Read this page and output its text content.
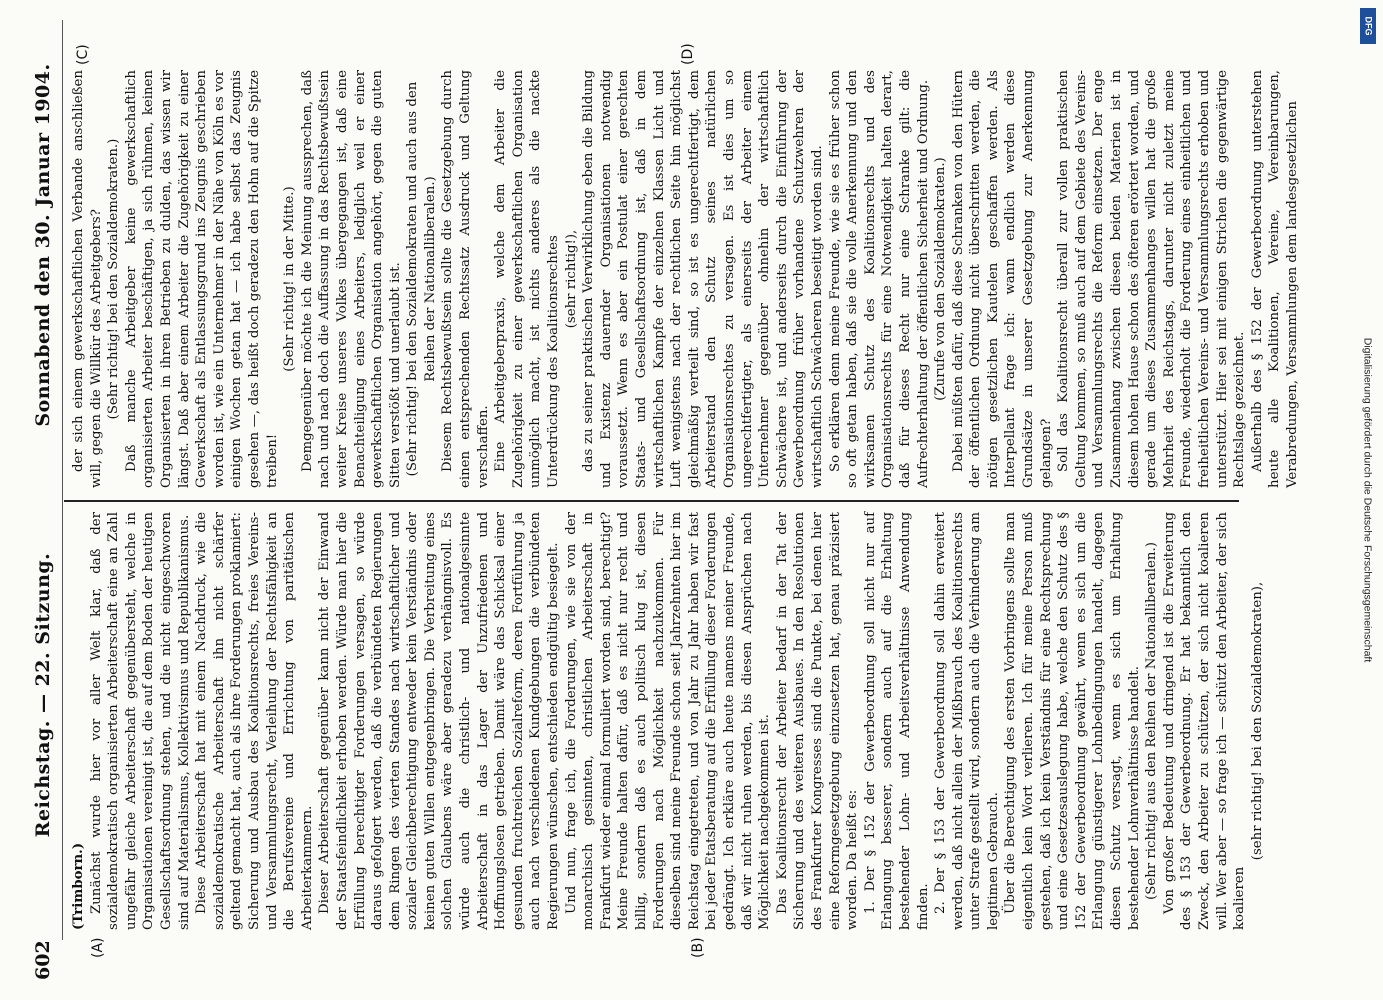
602
Reichstag. — 22. Sitzung.
Sonnabend den 30. Januar 1904.
(A)	(B)
(C)	(D)

(Trimborn.) Zunächst wurde hier vor aller Welt klar, daß der sozialdemokratisch organisierten Arbeiterschaft eine an Zahl ungefähr gleiche Arbeiterschaft gegenübersteht, welche in Organisationen vereinigt ist, die auf dem Boden der heutigen Gesellschaftsordnung stehen, und die nicht eingeschworen sind auf Materialismus, Kollektivismus und Republikanismus. Diese Arbeiterschaft hat mit einem Nachdruck, wie die sozialdemokratische Arbeiterschaft ihn nicht schärfer geltend gemacht hat, auch als ihre Forderungen proklamiert: Sicherung und Ausbau des Koalitionsrechts, freies Vereins- und Versammlungsrecht, Verleihung der Rechtsfähigkeit an die Berufsvereine und Errichtung von paritätischen Arbeiterkammern. Dieser Arbeiterschaft gegenüber kann nicht der Einwand der Staatsfeindlichkeit erhoben werden. Würde man hier die Erfüllung berechtigter Forderungen versagen, so würde daraus gefolgert werden, daß die verbündeten Regierungen dem Ringen des vierten Standes nach wirtschaftlicher und sozialer Gleichberechtigung entweder kein Verständnis oder keinen guten Willen entgegenbringen. Die Verbreitung eines solchen Glaubens wäre aber geradezu verhängnisvoll. Es würde auch die christlich- und nationalgesinnte Arbeiterschaft in das Lager der Unzufriedenen und Hoffnungslosen getrieben. Damit wäre das Schicksal einer gesunden fruchtreichen Sozialreform, deren Fortführung ja auch nach verschiedenen Kundgebungen die verbündeten Regierungen wünschen, entschieden endgültig besiegelt. Und nun, frage ich, die Forderungen, wie sie von der monarchisch gesinnten, christlichen Arbeiterschaft in Frankfurt wieder einmal formuliert worden sind, berechtigt? Meine Freunde halten dafür, daß es nicht nur recht und billig, sondern daß es auch politisch klug ist, diesen Forderungen nach Möglichkeit nachzukommen. Für dieselben sind meine Freunde schon seit Jahrzehnten hier im Reichstag eingetreten, und von Jahr zu Jahr haben wir fast bei jeder Etatsberatung auf die Erfüllung dieser Forderungen gedrängt. Ich erkläre auch heute namens meiner Freunde, daß wir nicht ruhen werden, bis diesen Ansprüchen nach Möglichkeit nachgekommen ist. Das Koalitionsrecht der Arbeiter bedarf in der Tat der Sicherung und des weiteren Ausbaues. In den Resolutionen des Frankfurter Kongresses sind die Punkte, bei denen hier eine Reformgesetzgebung einzusetzen hat, genau präzisiert worden. Da heißt es: 1. Der § 152 der Gewerbeordnung soll nicht nur auf Erlangung besserer, sondern auch auf die Erhaltung bestehender Lohn- und Arbeitsverhältnisse Anwendung finden. 2. Der § 153 der Gewerbeordnung soll dahin erweitert werden, daß nicht allein der Mißbrauch des Koalitionsrechts unter Strafe gestellt wird, sondern auch die Verhinderung am legitimen Gebrauch. Über die Berechtigung des ersten Vorbringens sollte man eigentlich kein Wort verlieren. Ich für meine Person muß gestehen, daß ich kein Verständnis für eine Rechtsprechung und eine Gesetzesauslegung habe, welche den Schutz des § 152 der Gewerbeordnung gewährt, wenn es sich um die Erlangung günstigerer Lohnbedingungen handelt, dagegen diesen Schutz versagt, wenn es sich um Erhaltung bestehender Lohnverhältnisse handelt. (Sehr richtig! aus den Reihen der Nationalliberalen.) Von großer Bedeutung und dringend ist die Erweiterung des § 153 der Gewerbeordnung. Er hat bekanntlich den Zweck, den Arbeiter zu schützen, der sich nicht koalieren will. Wer aber — so frage ich — schützt den Arbeiter, der sich koalieren

(sehr richtig! bei den Sozialdemokraten),

der sich einem gewerkschaftlichen Verbande anschließen will, gegen die Willkür des Arbeitgebers? (Sehr richtig! bei den Sozialdemokraten.) Daß manche Arbeitgeber keine gewerkschaftlich organisierten Arbeiter beschäftigen, ja sich rühmen, keinen Organisierten in ihren Betrieben zu dulden, das wissen wir längst. Daß aber einem Arbeiter die Zugehörigkeit zu einer Gewerkschaft als Entlassungsgrund ins Zeugnis geschrieben worden ist, wie ein Unternehmer in der Nähe von Köln es vor einigen Wochen getan hat — ich habe selbst das Zeugnis gesehen —, das heißt doch geradezu den Hohn auf die Spitze treiben!

(Sehr richtig! in der Mitte.) Demgegenüber möchte ich die Meinung aussprechen, daß nach und nach doch die Auffassung in das Rechtsbewußtsein weiter Kreise unseres Volkes übergegangen ist, daß eine Benachteiligung eines Arbeiters, lediglich weil er einer gewerkschaftlichen Organisation angehört, gegen die guten Sitten verstößt und unerlaubt ist. (Sehr richtig! bei den Sozialdemokraten und auch aus den Reihen der Nationalliberalen.) Diesem Rechtsbewußtsein sollte die Gesetzgebung durch einen entsprechenden Rechtssatz Ausdruck und Geltung verschaffen. Eine Arbeitgeberpraxis, welche dem Arbeiter die Zugehörigkeit zu einer gewerkschaftlichen Organisation unmöglich macht, ist nichts anderes als die nackte Unterdrückung des Koalitionsrechtes (sehr richtig!), das zu seiner praktischen Verwirklichung eben die Bildung und Existenz dauernder Organisationen notwendig voraussetzt. Wenn es aber ein Postulat einer gerechten Staats- und Gesellschaftsordnung ist, daß in dem wirtschaftlichen Kampfe der einzelnen Klassen Licht und Luft wenigstens nach der rechtlichen Seite hin möglichst gleichmäßig verteilt sind, so ist es ungerechtfertigt, dem Arbeiterstand den Schutz seines natürlichen Organisationsrechtes zu versagen. Es ist dies um so ungerechtfertigter, als einerseits der Arbeiter einem Unternehmer gegenüber ohnehin der wirtschaftlich Schwächere ist, und anderseits durch die Einführung der Gewerbeordnung früher vorhandene Schutzwehren der wirtschaftlich Schwächeren beseitigt worden sind. So erklären denn meine Freunde, wie sie es früher schon so oft getan haben, daß sie die volle Anerkennung und den wirksamen Schutz des Koalitionsrechts und des Organisationsrechts für eine Notwendigkeit halten derart, daß für dieses Recht nur eine Schranke gilt: die Aufrechterhaltung der öffentlichen Sicherheit und Ordnung. (Zurufe von den Sozialdemokraten.) Dabei müßten dafür, daß diese Schranken von den Hütern der öffentlichen Ordnung nicht überschritten werden, die nötigen gesetzlichen Kautelen geschaffen werden. Als Interpellant frage ich: wann endlich werden diese Grundsätze in unserer Gesetzgebung zur Anerkennung gelangen? Soll das Koalitionsrecht überall zur vollen praktischen Geltung kommen, so muß auch auf dem Gebiete des Vereins- und Versammlungsrechts die Reform einsetzen. Der enge Zusammenhang zwischen diesen beiden Materien ist in diesem hohen Hause schon des öfteren erörtert worden, und gerade um dieses Zusammenhanges willen hat die große Mehrheit des Reichstags, darunter nicht zuletzt meine Freunde, wiederholt die Forderung eines einheitlichen und freiheitlichen Vereins- und Versammlungsrechts erhoben und unterstützt. Hier sei mit einigen Strichen die gegenwärtige Rechtslage gezeichnet. Außerhalb des § 152 der Gewerbeordnung unterstehen heute alle Koalitionen, Vereine, Vereinbarungen, Verabredungen, Versammlungen dem landesgesetzlichen

Digitalisierung gefördert durch die Deutsche Forschungsgemeinschaft
DFG
